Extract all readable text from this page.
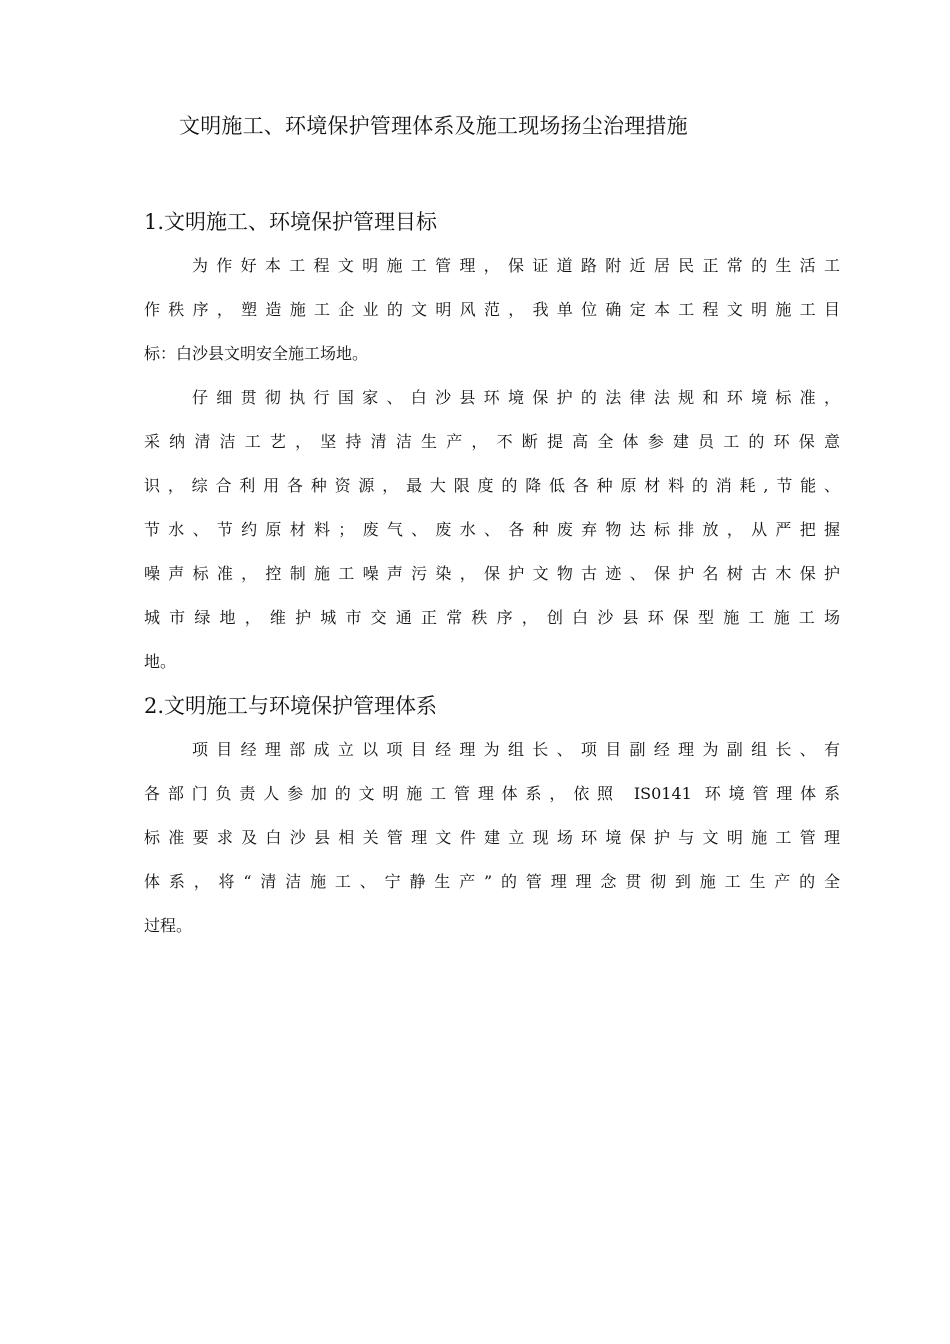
文明施工、环境保护管理体系及施工现场扬尘治理措施

1.文明施工、环境保护管理目标

为作好本工程文明施工管理，保证道路附近居民正常的生活工
作秩序，塑造施工企业的文明风范，我单位确定本工程文明施工目
标：白沙县文明安全施工场地。
仔细贯彻执行国家、白沙县环境保护的法律法规和环境标准，
采纳清洁工艺，坚持清洁生产，不断提高全体参建员工的环保意
识，综合利用各种资源，最大限度的降低各种原材料的消耗,节能、
节水、节约原材料；废气、废水、各种废弃物达标排放，从严把握
噪声标准，控制施工噪声污染，保护文物古迹、保护名树古木保护
城市绿地，维护城市交通正常秩序，创白沙县环保型施工施工场
地。

2.文明施工与环境保护管理体系

项目经理部成立以项目经理为组长、项目副经理为副组长、有
各部门负责人参加的文明施工管理体系，依照 IS0141 环境管理体系
标准要求及白沙县相关管理文件建立现场环境保护与文明施工管理
体系，将“清洁施工、宁静生产”的管理理念贯彻到施工生产的全
过程。
